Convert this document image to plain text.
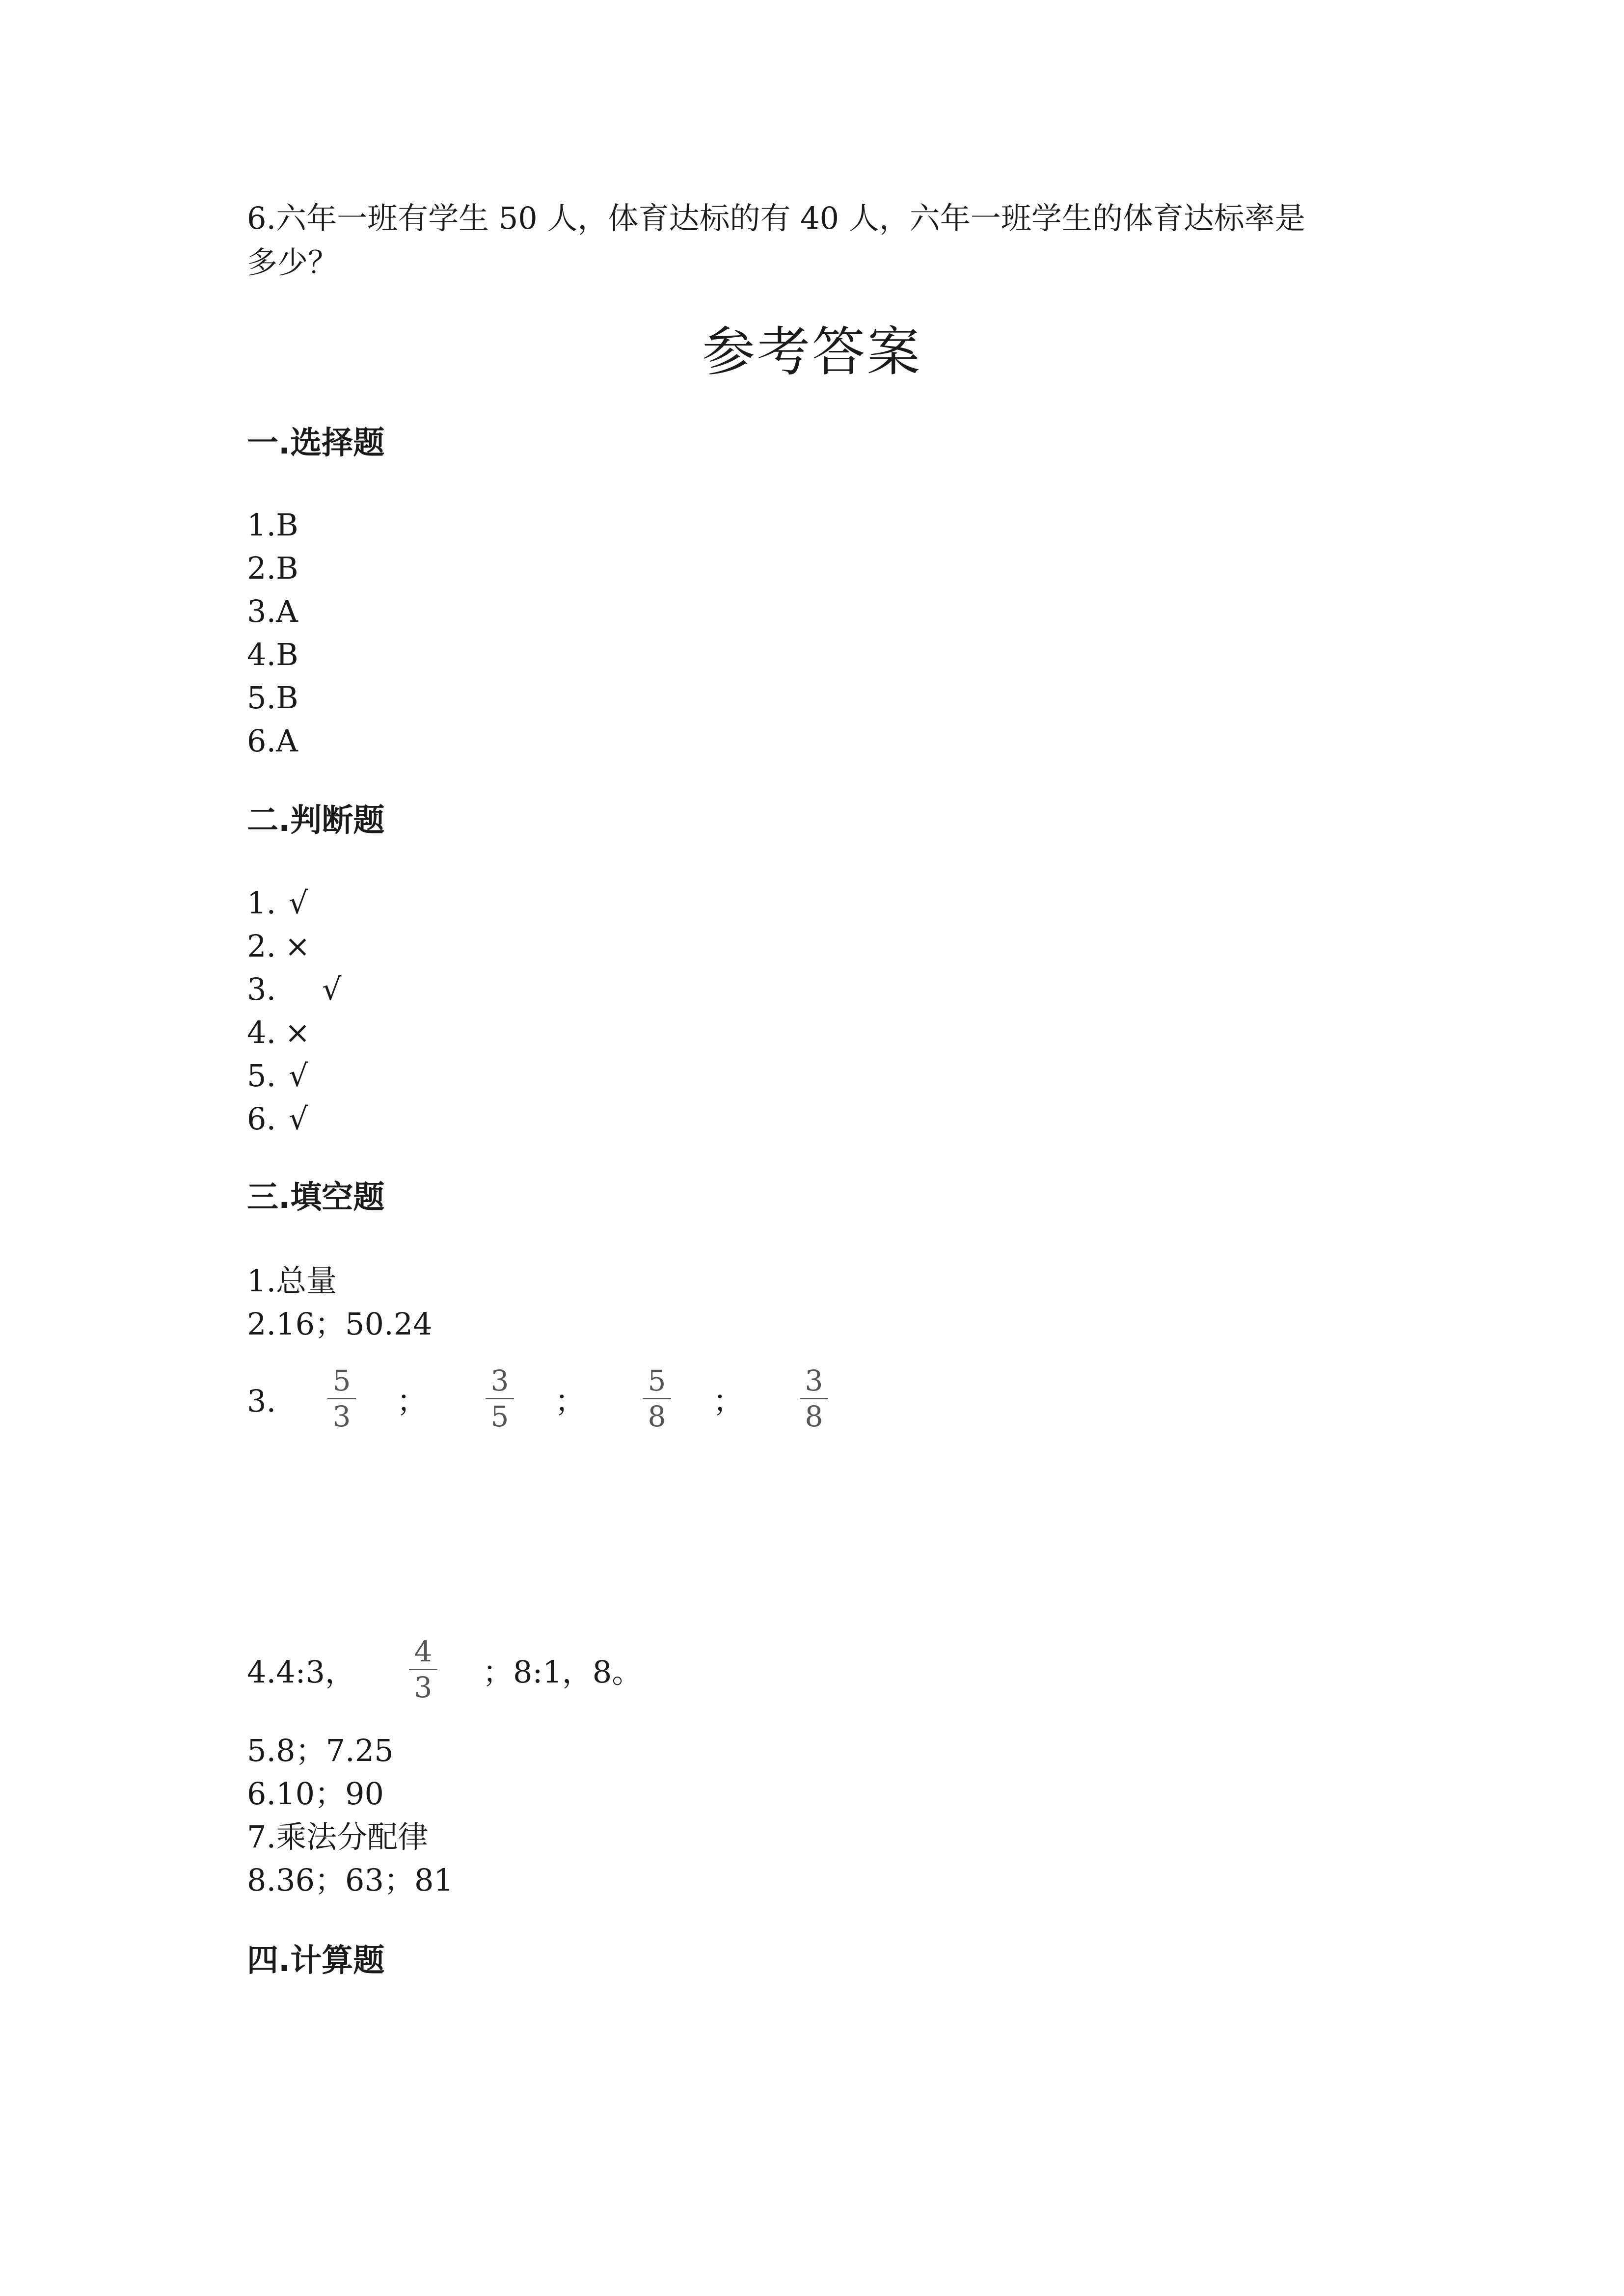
6.六年一班有学生 50 人，体育达标的有 40 人，六年一班学生的体育达标率是
多少？
参考答案
一.选择题
1.B
2.B
3.A
4.B
5.B
6.A
二.判断题
1. √
2. ×
3. √
4. ×
5. √
6. √
三.填空题
1.总量
2.16；50.24
3.
5
3 ；
3
5 ；
5
8 ；
3
8
4.4:3，
4
3 ；8:1，8。
5.8；7.25
6.10；90
7.乘法分配律
8.36；63；81
四.计算题
